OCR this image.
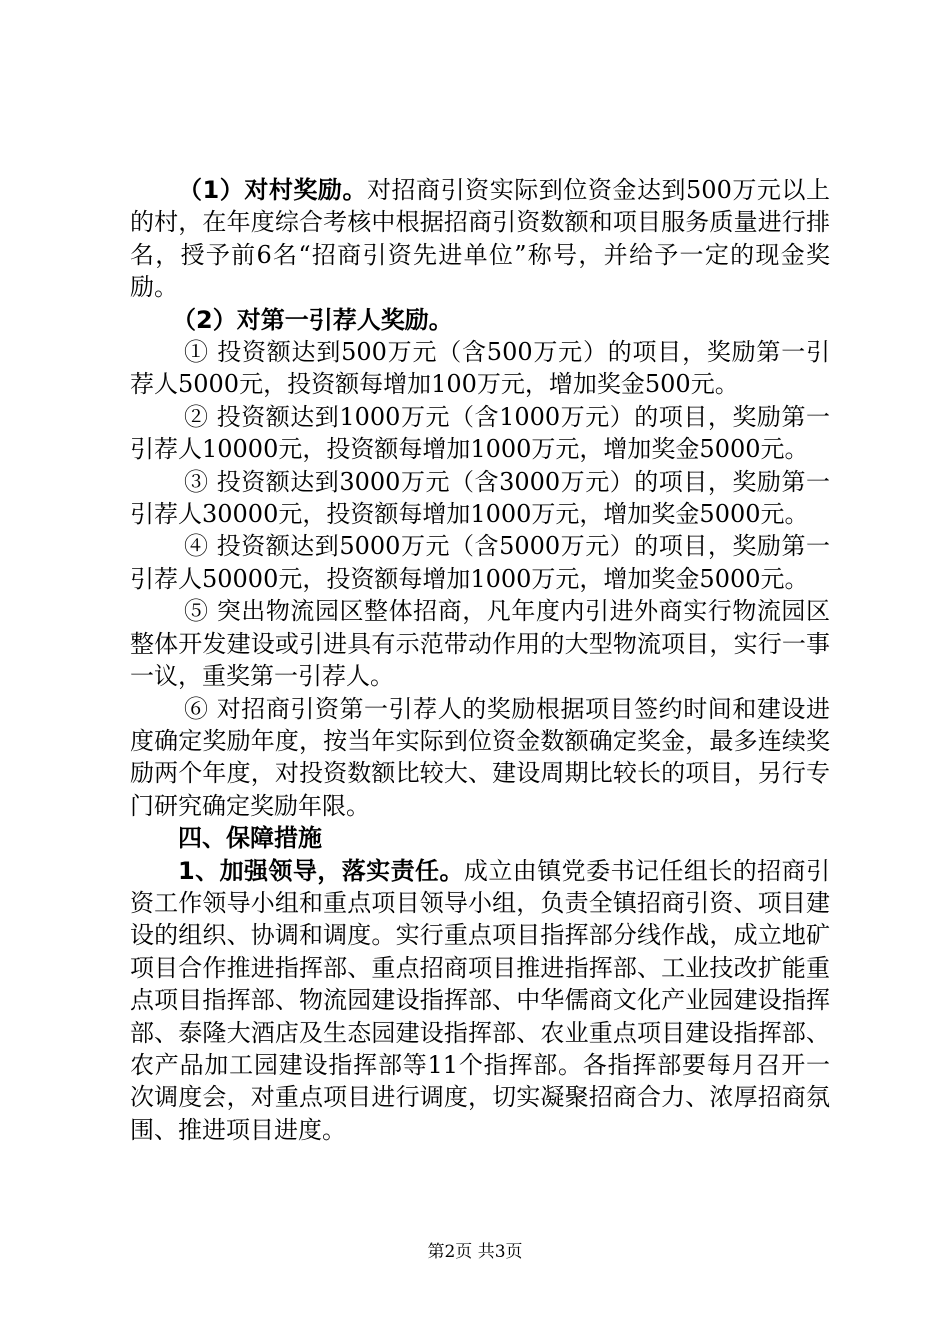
（1）对村奖励。对招商引资实际到位资金达到500万元以上的村，在年度综合考核中根据招商引资数额和项目服务质量进行排名，授予前6名“招商引资先进单位”称号，并给予一定的现金奖励。

（2）对第一引荐人奖励。

① 投资额达到500万元（含500万元）的项目，奖励第一引荐人5000元，投资额每增加100万元，增加奖金500元。

② 投资额达到1000万元（含1000万元）的项目，奖励第一引荐人10000元，投资额每增加1000万元，增加奖金5000元。

③ 投资额达到3000万元（含3000万元）的项目，奖励第一引荐人30000元，投资额每增加1000万元，增加奖金5000元。

④ 投资额达到5000万元（含5000万元）的项目，奖励第一引荐人50000元，投资额每增加1000万元，增加奖金5000元。

⑤ 突出物流园区整体招商，凡年度内引进外商实行物流园区整体开发建设或引进具有示范带动作用的大型物流项目，实行一事一议，重奖第一引荐人。

⑥ 对招商引资第一引荐人的奖励根据项目签约时间和建设进度确定奖励年度，按当年实际到位资金数额确定奖金，最多连续奖励两个年度，对投资数额比较大、建设周期比较长的项目，另行专门研究确定奖励年限。

四、保障措施

1、加强领导，落实责任。成立由镇党委书记任组长的招商引资工作领导小组和重点项目领导小组，负责全镇招商引资、项目建设的组织、协调和调度。实行重点项目指挥部分线作战，成立地矿项目合作推进指挥部、重点招商项目推进指挥部、工业技改扩能重点项目指挥部、物流园建设指挥部、中华儒商文化产业园建设指挥部、泰隆大酒店及生态园建设指挥部、农业重点项目建设指挥部、农产品加工园建设指挥部等11个指挥部。各指挥部要每月召开一次调度会，对重点项目进行调度，切实凝聚招商合力、浓厚招商氛围、推进项目进度。

第2页 共3页
